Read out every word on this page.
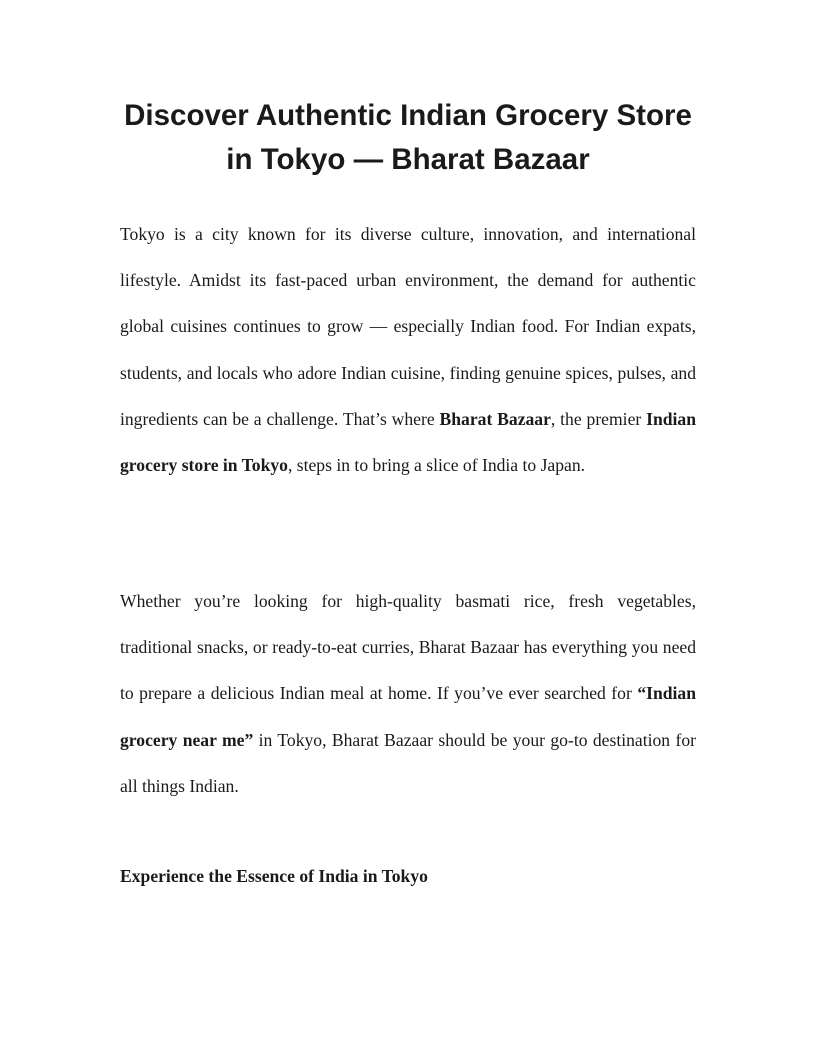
Discover Authentic Indian Grocery Store
in Tokyo — Bharat Bazaar

Tokyo is a city known for its diverse culture, innovation, and international lifestyle. Amidst its fast-paced urban environment, the demand for authentic global cuisines continues to grow — especially Indian food. For Indian expats, students, and locals who adore Indian cuisine, finding genuine spices, pulses, and ingredients can be a challenge. That’s where Bharat Bazaar, the premier Indian grocery store in Tokyo, steps in to bring a slice of India to Japan.

Whether you’re looking for high-quality basmati rice, fresh vegetables, traditional snacks, or ready-to-eat curries, Bharat Bazaar has everything you need to prepare a delicious Indian meal at home. If you’ve ever searched for “Indian grocery near me” in Tokyo, Bharat Bazaar should be your go-to destination for all things Indian.

Experience the Essence of India in Tokyo
